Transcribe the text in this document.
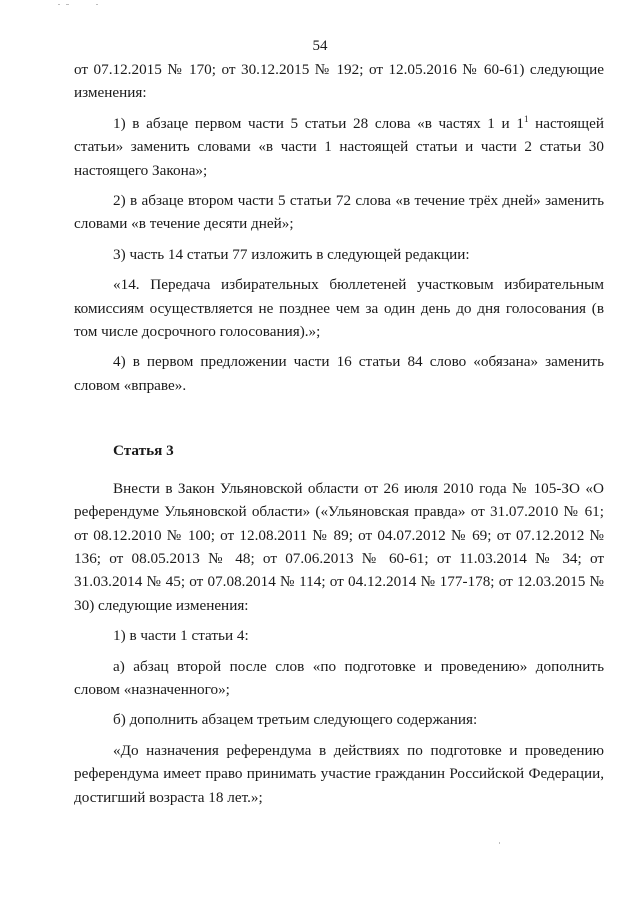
54

от 07.12.2015 № 170; от 30.12.2015 № 192; от 12.05.2016 № 60-61) следующие изменения:

1) в абзаце первом части 5 статьи 28 слова «в частях 1 и $1^1$ настоящей статьи» заменить словами «в части 1 настоящей статьи и части 2 статьи 30 настоящего Закона»;

2) в абзаце втором части 5 статьи 72 слова «в течение трёх дней» заменить словами «в течение десяти дней»;

3) часть 14 статьи 77 изложить в следующей редакции:

«14. Передача избирательных бюллетеней участковым избирательным комиссиям осуществляется не позднее чем за один день до дня голосования (в том числе досрочного голосования).»;

4) в первом предложении части 16 статьи 84 слово «обязана» заменить словом «вправе».

Статья 3

Внести в Закон Ульяновской области от 26 июля 2010 года № 105-ЗО «О референдуме Ульяновской области» («Ульяновская правда» от 31.07.2010 № 61; от 08.12.2010 № 100; от 12.08.2011 № 89; от 04.07.2012 № 69; от 07.12.2012 № 136; от 08.05.2013 № 48; от 07.06.2013 № 60-61; от 11.03.2014 № 34; от 31.03.2014 № 45; от 07.08.2014 № 114; от 04.12.2014 № 177-178; от 12.03.2015 № 30) следующие изменения:

1) в части 1 статьи 4:

а) абзац второй после слов «по подготовке и проведению» дополнить словом «назначенного»;

б) дополнить абзацем третьим следующего содержания:

«До назначения референдума в действиях по подготовке и проведению референдума имеет право принимать участие гражданин Российской Федерации, достигший возраста 18 лет.»;
